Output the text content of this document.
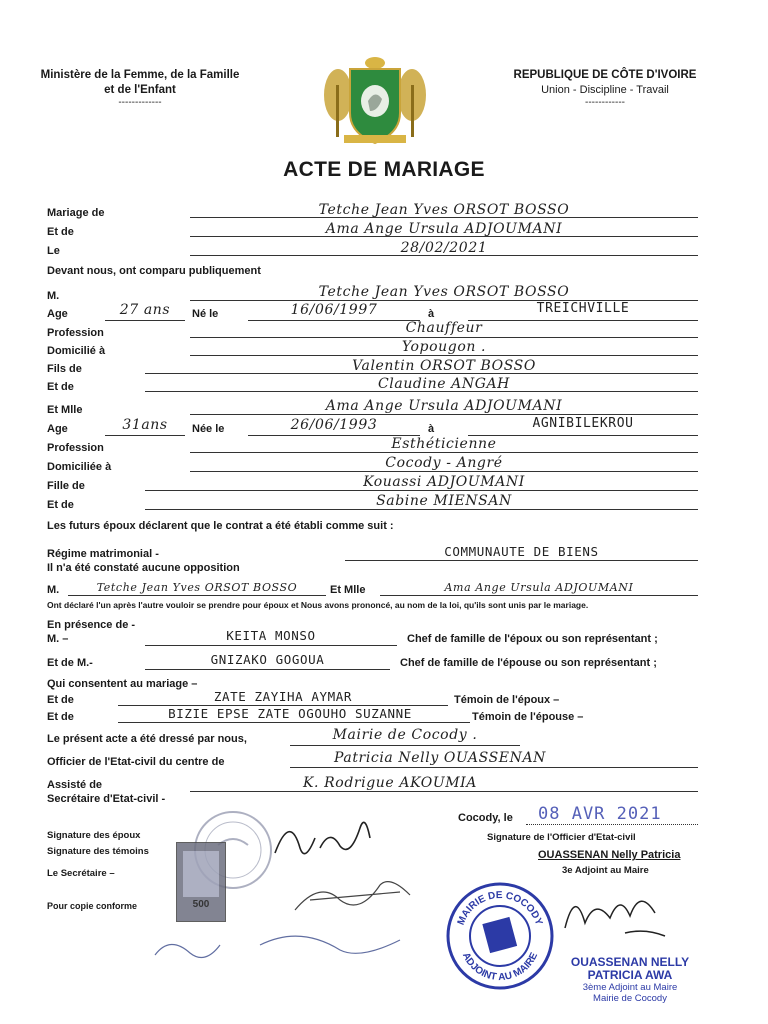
Ministère de la Femme, de la Famille
et de l'Enfant
-------------
REPUBLIQUE DE CÔTE D'IVOIRE
Union - Discipline - Travail
------------
ACTE DE MARIAGE
Mariage de	Tetche Jean Yves ORSOT BOSSO
Et de	Ama Ange Ursula ADJOUMANI
Le	28/02/2021
Devant nous, ont comparu publiquement
M.	Tetche Jean Yves ORSOT BOSSO
Age	27 ans	Né le	16/06/1997	à	TREICHVILLE
Profession	Chauffeur
Domicilié à	Yopougon .
Fils de	Valentin ORSOT BOSSO
Et de	Claudine ANGAH
Et Mlle	Ama Ange Ursula ADJOUMANI
Age	31ans	Née le	26/06/1993	à	AGNIBILEKROU
Profession	Esthéticienne
Domiciliée à	Cocody - Angré
Fille de	Kouassi ADJOUMANI
Et de	Sabine MIENSAN
Les futurs époux déclarent que le contrat a été établi comme suit :
Régime matrimonial -	COMMUNAUTE DE BIENS
Il n'a été constaté aucune opposition
M.	Tetche Jean Yves ORSOT BOSSO	Et Mlle	Ama Ange Ursula ADJOUMANI
Ont déclaré l'un après l'autre vouloir se prendre pour époux et Nous avons prononcé, au nom de la loi, qu'ils sont unis par le mariage.
En présence de -
M. –	KEITA MONSO	Chef de famille de l'époux ou son représentant ;
Et de M.-	GNIZAKO GOGOUA	Chef de famille de l'épouse ou son représentant ;
Qui consentent au mariage –
Et de	ZATE ZAYIHA AYMAR	Témoin de l'époux –
Et de	BIZIE EPSE ZATE OGOUHO SUZANNE	Témoin de l'épouse –
Le présent acte a été dressé par nous,	Mairie de Cocody .
Officier de l'Etat-civil du centre de	Patricia Nelly OUASSENAN
Assisté de
Secrétaire d'Etat-civil -
K. Rodrigue AKOUMIA
Cocody, le 08 AVR 2021
Signature des époux
Signature des témoins
Le Secrétaire –
Pour copie conforme
Signature de l'Officier d'Etat-civil
OUASSENAN Nelly Patricia
3e Adjoint au Maire
500
MAIRIE DE COCODY
ADJOINT AU MAIRE	OUASSENAN NELLY
PATRICIA AWA
3ème Adjoint au Maire
Mairie de Cocody
